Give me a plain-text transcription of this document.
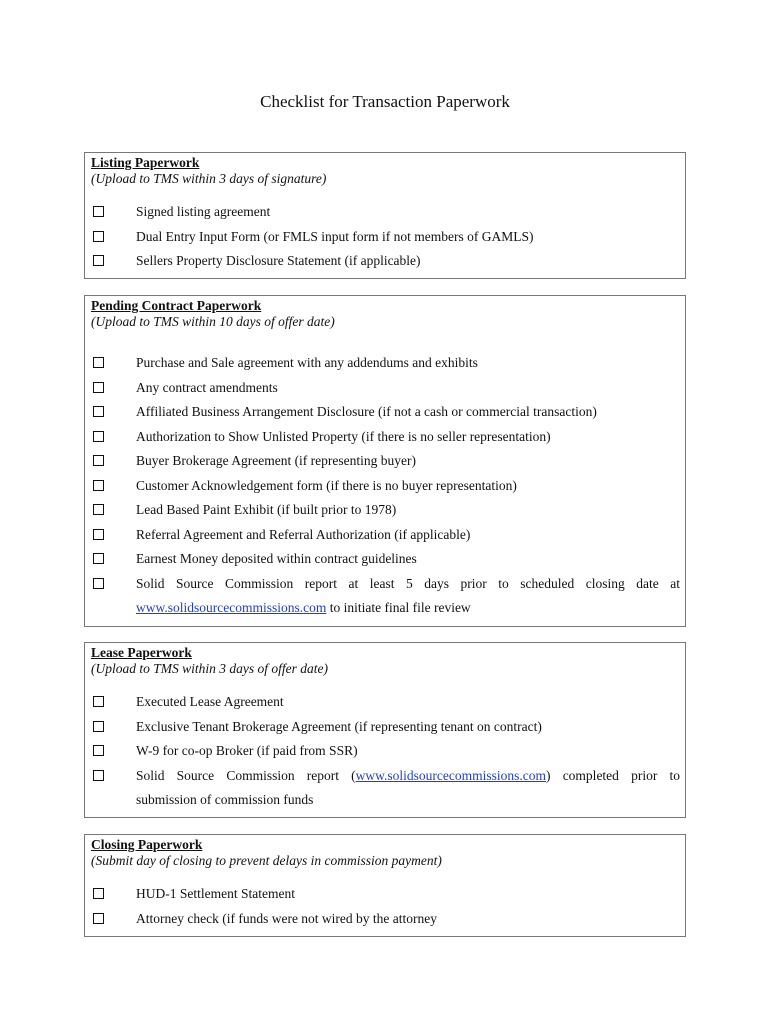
Checklist for Transaction Paperwork
Listing Paperwork
(Upload to TMS within 3 days of signature)
Signed listing agreement
Dual Entry Input Form (or FMLS input form if not members of GAMLS)
Sellers Property Disclosure Statement (if applicable)
Pending Contract Paperwork
(Upload to TMS within 10 days of offer date)
Purchase and Sale agreement with any addendums and exhibits
Any contract amendments
Affiliated Business Arrangement Disclosure (if not a cash or commercial transaction)
Authorization to Show Unlisted Property (if there is no seller representation)
Buyer Brokerage Agreement (if representing buyer)
Customer Acknowledgement form (if there is no buyer representation)
Lead Based Paint Exhibit (if built prior to 1978)
Referral Agreement and Referral Authorization (if applicable)
Earnest Money deposited within contract guidelines
Solid Source Commission report at least 5 days prior to scheduled closing date at
www.solidsourcecommissions.com to initiate final file review
Lease Paperwork
(Upload to TMS within 3 days of offer date)
Executed Lease Agreement
Exclusive Tenant Brokerage Agreement (if representing tenant on contract)
W-9 for co-op Broker (if paid from SSR)
Solid Source Commission report (www.solidsourcecommissions.com) completed prior to
submission of commission funds
Closing Paperwork
(Submit day of closing to prevent delays in commission payment)
HUD-1 Settlement Statement
Attorney check (if funds were not wired by the attorney
